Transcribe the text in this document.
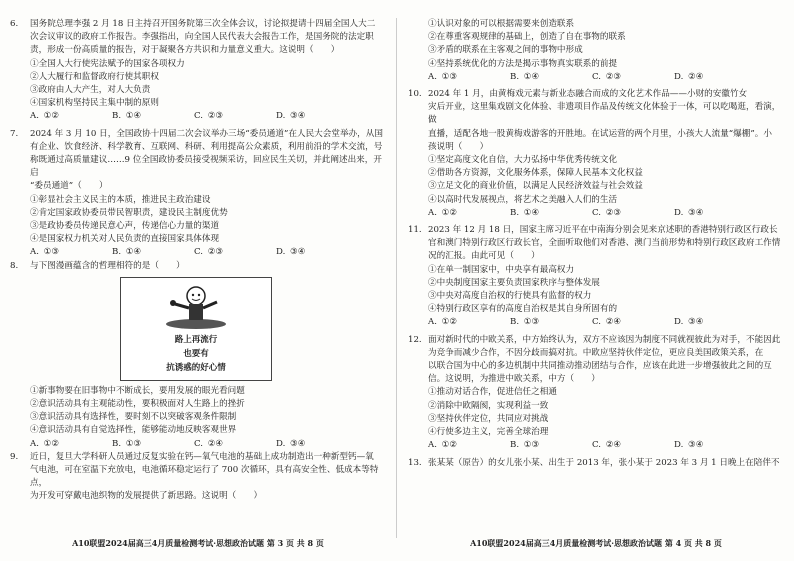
6. 国务院总理李强 2 月 18 日主持召开国务院第三次全体会议，讨论拟提请十四届全国人大二
次会议审议的政府工作报告。李强指出，向全国人民代表大会报告工作，是国务院的法定职
责，形成一份高质量的报告，对于凝聚各方共识和力量意义重大。这说明（　　）
①全国人大行使宪法赋予的国家各项权力
②人大履行和监督政府行使其职权
③政府由人大产生，对人大负责
④国家机构坚持民主集中制的原则
A. ①②	B. ①④	C. ②③	D. ③④
7. 2024 年 3 月 10 日，全国政协十四届二次会议举办三场“委员通道”在人民大会堂举办，从国
有企业、饮食经济、科学教育、互联网、科研、利用提高公众素质，利用前沿的学术交流，号
称既通过高质量建议……9 位全国政协委员接受视频采访，回应民生关切，并此阐述出来，开启
“委员通道”（　　）
①彰显社会主义民主的本质，推进民主政治建设
②肯定国家政协委员带民智职责，建设民主制度优势
③是政协委员传递民意心声，传递信心力量的渠道
④是国家权力机关对人民负责的直接国家具体体现
A. ①③	B. ①④	C. ②③	D. ③④
8. 与下图漫画蕴含的哲理相符的是（　　）
路上再流行
也要有
抗诱惑的好心情
①新事物要在旧事物中不断成长，要用发展的眼光看问题
②意识活动具有主观能动性，要积极面对人生路上的挫折
③意识活动具有选择性，要时刻不以突破客观条件限制
④意识活动具有自觉选择性，能够能动地反映客观世界
A. ①②	B. ①③	C. ②④	D. ③④
9. 近日，复旦大学科研人员通过反复实验在钙—氧气电池的基础上成功制造出一种新型钙—氧
气电池，可在室温下充放电，电池循环稳定运行了 700 次循环，具有高安全性、低成本等特点，
为开发可穿戴电池织物的发展提供了新思路。这说明（　　）
A10联盟2024届高三4月质量检测考试·思想政治试题 第 3 页 共 8 页
①认识对象的可以根据需要来创造联系
②在尊重客观规律的基础上，创造了自在事物的联系
③矛盾的联系在主客观之间的事物中形成
④坚持系统优化的方法是揭示事物真实联系的前提
A. ①③	B. ①④	C. ②③	D. ②④
10. 2024 年 1 月，由黄梅戏元素与新业态融合而成的文化艺术作品——小财的安徽竹女
灾后开业，这里集戏剧文化体验、非遗项目作品及传统文化体验于一体，可以吃喝逛，看演，做
直播，适配各地一股黄梅戏游客的开胜地。在试运营的两个月里，小孩大人流量“爆棚”。小
孩说明（　　）
①坚定高度文化自信，大力弘扬中华优秀传统文化
②借助各方资源，文化服务体系，保障人民基本文化权益
③立足文化的商业价值，以满足人民经济效益与社会效益
④以高时代发展视点，将艺术之美融入人们的生活
A. ①②	B. ①④	C. ②③	D. ③④
11. 2023 年 12 月 18 日，国家主席习近平在中南海分别会见来京述职的香港特别行政区行政长
官和澳门特别行政区行政长官，全面听取他们对香港、澳门当前形势和特别行政区政府工作情
况的汇报。由此可见（　　）
①在单一制国家中，中央享有最高权力
②中央制度国家主要负责国家秩序与整体发展
③中央对高度自治权的行使具有监督的权力
④特别行政区享有的高度自治权是其自身所固有的
A. ①②	B. ①③	C. ②④	D. ③④
12. 面对新时代的中欧关系，中方始终认为，双方不应该因为制度不同就视彼此为对手，不能因此
为竞争而减少合作，不因分歧而搞对抗。中欧应坚持伙伴定位，更应良美国政策关系，在
以联合国为中心的多边机制中共同推动推动团结与合作，应该在此进一步增强彼此之间的互
信。这说明，为推进中欧关系，中方（　　）
①推动对话合作，促进信任之相通
②消除中欧隔阂，实现利益一致
③坚持伙伴定位，共同应对挑战
④行使多边主义，完善全球治理
A. ①②	B. ①③	C. ②④	D. ③④
13. 张某某（原告）的女儿张小某、出生于 2013 年，张小某于 2023 年 3 月 1 日晚上在陪伴不
A10联盟2024届高三4月质量检测考试·思想政治试题 第 4 页 共 8 页
